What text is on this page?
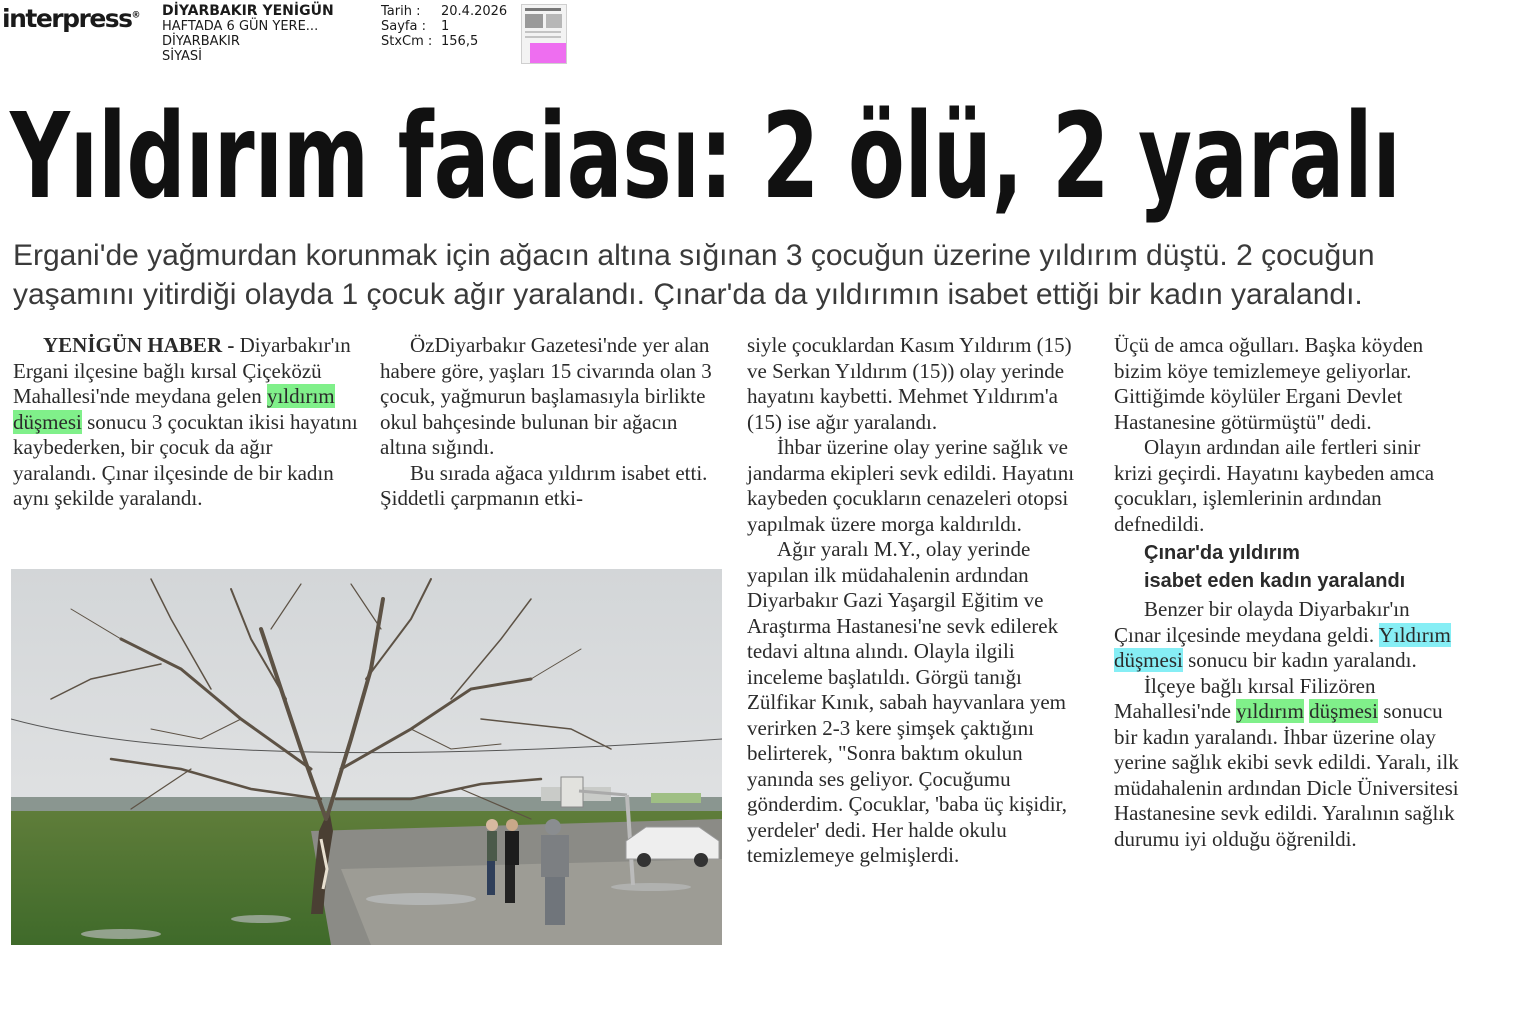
interpress® DİYARBAKIR YENİGÜN
HAFTADA 6 GÜN YERE...
DİYARBAKIR
SİYASİ
Tarih :	20.4.2026
Sayfa :	1
StxCm : 156,5
Yıldırım faciası: 2 ölü, 2 yaralı
Ergani'de yağmurdan korunmak için ağacın altına sığınan 3 çocuğun üzerine yıldırım düştü. 2 çocuğun
yaşamını yitirdiği olayda 1 çocuk ağır yaralandı. Çınar'da da yıldırımın isabet ettiği bir kadın yaralandı.

YENİGÜN HABER - Diyarbakır'ın Ergani ilçesine bağlı kırsal Çiçeközü Mahallesi'nde meydana gelen yıldırım düşmesi sonucu 3 çocuktan ikisi hayatını kaybederken, bir çocuk da ağır yaralandı. Çınar ilçesinde de bir kadın aynı şekilde yaralandı.

ÖzDiyarbakır Gazetesi'nde yer alan habere göre, yaşları 15 civarında olan 3 çocuk, yağmurun başlamasıyla birlikte okul bahçesinde bulunan bir ağacın altına sığındı.

Bu sırada ağaca yıldırım isabet etti. Şiddetli çarpmanın etki-

siyle çocuklardan Kasım Yıldırım (15) ve Serkan Yıldırım (15)) olay yerinde hayatını kaybetti. Mehmet Yıldırım'a (15) ise ağır yaralandı.

İhbar üzerine olay yerine sağlık ve jandarma ekipleri sevk edildi. Hayatını kaybeden çocukların cenazeleri otopsi yapılmak üzere morga kaldırıldı.

Ağır yaralı M.Y., olay yerinde yapılan ilk müdahalenin ardından Diyarbakır Gazi Yaşargil Eğitim ve Araştırma Hastanesi'ne sevk edilerek tedavi altına alındı. Olayla ilgili inceleme başlatıldı. Görgü tanığı Zülfikar Kınık, sabah hayvanlara yem verirken 2-3 kere şimşek çaktığını belirterek, "Sonra baktım okulun yanında ses geliyor. Çocuğumu gönderdim. Çocuklar, 'baba üç kişidir, yerdeler' dedi. Her halde okulu temizlemeye gelmişlerdi.

Üçü de amca oğulları. Başka köyden bizim köye temizlemeye geliyorlar. Gittiğimde köylüler Ergani Devlet Hastanesine götürmüştü" dedi.

Olayın ardından aile fertleri sinir krizi geçirdi. Hayatını kaybeden amca çocukları, işlemlerinin ardından defnedildi.

Çınar'da yıldırım
isabet eden kadın yaralandı

Benzer bir olayda Diyarbakır'ın Çınar ilçesinde meydana geldi. Yıldırım düşmesi sonucu bir kadın yaralandı.

İlçeye bağlı kırsal Filizören Mahallesi'nde yıldırım düşmesi sonucu bir kadın yaralandı. İhbar üzerine olay yerine sağlık ekibi sevk edildi. Yaralı, ilk müdahalenin ardından Dicle Üniversitesi Hastanesine sevk edildi. Yaralının sağlık durumu iyi olduğu öğrenildi.
